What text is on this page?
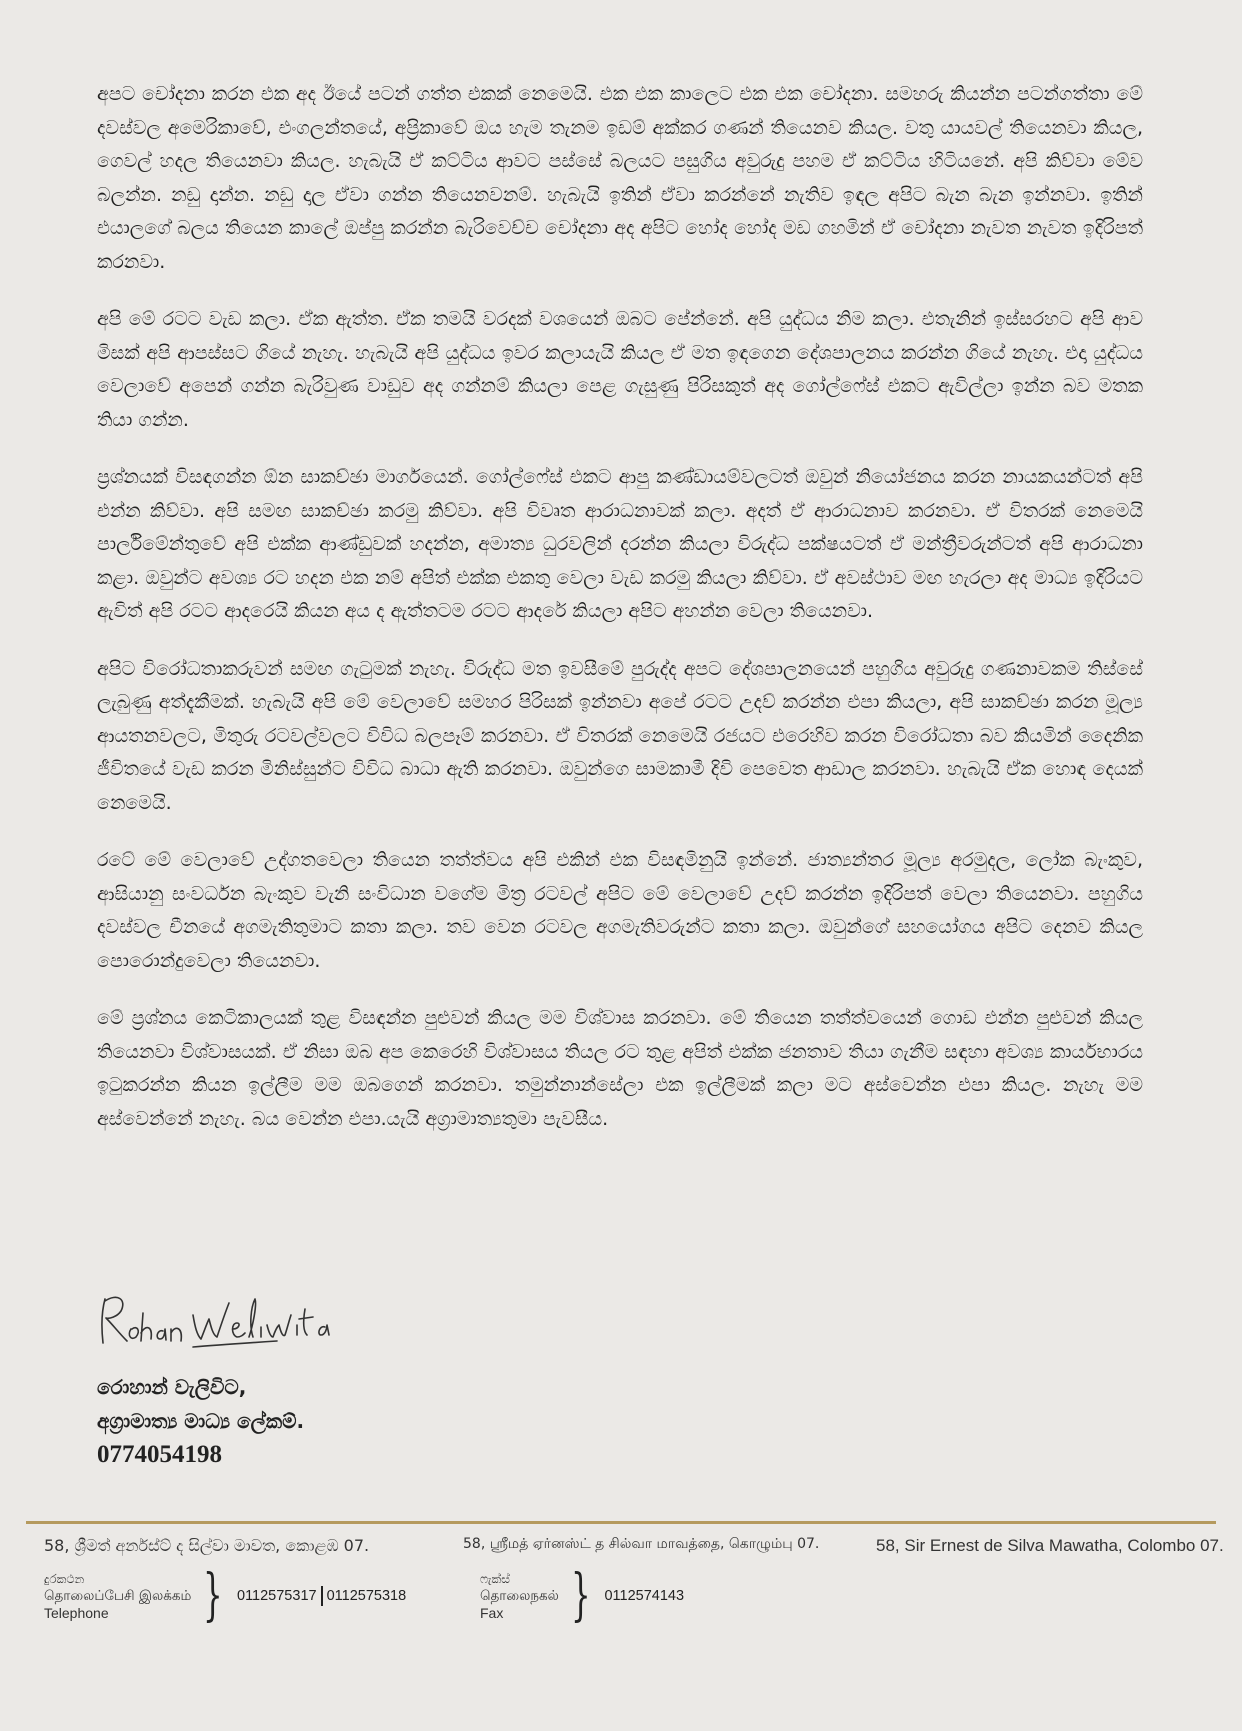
අපට චෝදනා කරන එක අද ඊයේ පටන් ගත්ත එකක් නෙමෙයි. එක එක කාලෙට එක එක චෝදනා. සමහරු කියන්න පටන්ගත්තා මේ දවස්වල අමෙරිකාවේ, එංගලන්තයේ, අප්‍රිකාවේ ඔය හැම තැනම ඉඩම් අක්කර ගණන් තියෙනව කියල. වතු යායවල් තියෙනවා කියල, ගෙවල් හදල තියෙනවා කියල. හැබැයි ඒ කට්ටිය ආවට පස්සේ බලයට පසුගිය අවුරුදු පහම ඒ කට්ටිය හිටියනේ. අපි කිව්වා මේව බලන්න. නඩු දාන්න. නඩු දාල ඒවා ගන්න තියෙනවනම්. හැබැයි ඉතින් ඒවා කරන්නේ නැතිව ඉඳල අපිට බැන බැන ඉන්නවා. ඉතින් එයාලගේ බලය තියෙන කාලේ ඔප්පු කරන්න බැරිවෙච්ච චෝදනා අද අපිට හෝද හෝද මඩ ගහමින් ඒ චෝදනා නැවත නැවත ඉදිරිපත් කරනවා.

අපි මේ රටට වැඩ කලා. ඒක ඇත්ත. ඒක තමයි වරදක් වශයෙන් ඔබට පේන්නේ. අපි යුද්ධය නිම කලා. එතැනින් ඉස්සරහට අපි ආව මිසක් අපි ආපස්සට ගියේ නැහැ. හැබැයි අපි යුද්ධය ඉවර කලායැයි කියල ඒ මත ඉඳගෙන දේශපාලනය කරන්න ගියේ නැහැ. එදා යුද්ධය වෙලාවේ අපෙන් ගන්න බැරිවුණ වාඩුව අද ගන්නම් කියලා පෙළ ගැසුණු පිරිසකුත් අද ගෝල්ෆේස් එකට ඇවිල්ලා ඉන්න බව මතක තියා ගන්න.

ප්‍රශ්නයක් විසඳගන්න ඕන සාකච්ඡා මාර්ගයෙන්. ගෝල්ෆේස් එකට ආපු කණ්ඩායම්වලටත් ඔවුන් නියෝජනය කරන නායකයන්ටත් අපි එන්න කිව්වා. අපි සමඟ සාකච්ඡා කරමු කිව්වා. අපි විවෘත ආරාධනාවක් කලා. අදත් ඒ ආරාධනාව කරනවා. ඒ විතරක් නෙමෙයි පාර්ලිමේන්තුවේ අපි එක්ක ආණ්ඩුවක් හදන්න, අමාත්‍ය ධුරවලින් දරන්න කියලා විරුද්ධ පක්ෂයටත් ඒ මන්ත්‍රීවරුන්ටත් අපි ආරාධනා කළා. ඔවුන්ට අවශ්‍ය රට හදන එක නම් අපිත් එක්ක එකතු වෙලා වැඩ කරමු කියලා කිව්වා. ඒ අවස්ථාව මඟ හැරලා අද මාධ්‍ය ඉදිරියට ඇවිත් අපි රටට ආදරෙයි කියන අය ද ඇත්තටම රටට ආදරේ කියලා අපිට අහන්න වෙලා තියෙනවා.

අපිට විරෝධතාකරුවන් සමඟ ගැටුමක් නැහැ. විරුද්ධ මත ඉවසීමේ පුරුද්ද අපට දේශපාලනයෙන් පහුගිය අවුරුදු ගණනාවකම තිස්සේ ලැබුණු අත්දැකීමක්. හැබැයි අපි මේ වෙලාවේ සමහර පිරිසක් ඉන්නවා අපේ රටට උදව් කරන්න එපා කියලා, අපි සාකච්ඡා කරන මූල්‍ය ආයතනවලට, මිතුරු රටවල්වලට විවිධ බලපෑම් කරනවා. ඒ විතරක් නෙමෙයි රජයට එරෙහිව කරන විරෝධතා බව කියමින් දෛනික ජීවිතයේ වැඩ කරන මිනිස්සුන්ට විවිධ බාධා ඇති කරනවා. ඔවුන්ගෙ සාමකාමී දිවි පෙවෙත ආඩාල කරනවා. හැබැයි ඒක හොඳ දෙයක් නෙමෙයි.

රටේ මේ වෙලාවේ උද්ගතවෙලා තියෙන තත්ත්වය අපි එකින් එක විසඳමිනුයි ඉන්නේ. ජාත්‍යන්තර මූල්‍ය අරමුදල, ලෝක බැංකුව, ආසියානු සංවර්ධන බැංකුව වැනි සංවිධාන වගේම මිත්‍ර රටවල් අපිට මේ වෙලාවේ උදව් කරන්න ඉදිරිපත් වෙලා තියෙනවා. පහුගිය දවස්වල චීනයේ අගමැතිතුමාට කතා කලා. තව වෙන රටවල අගමැතිවරුන්ට කතා කලා. ඔවුන්ගේ සහයෝගය අපිට දෙනව කියල පොරොන්දුවෙලා තියෙනවා.

මේ ප්‍රශ්නය කෙටිකාලයක් තුළ විසඳන්න පුළුවන් කියල මම විශ්වාස කරනවා. මේ තියෙන තත්ත්වයෙන් ගොඩ එන්න පුළුවන් කියල තියෙනවා විශ්වාසයක්. ඒ නිසා ඔබ අප කෙරෙහි විශ්වාසය තියල රට තුළ අපිත් එක්ක ජනතාව තියා ගැනීම සඳහා අවශ්‍ය කාර්යභාරය ඉටුකරන්න කියන ඉල්ලීම මම ඔබගෙන් කරනවා. තමුන්නාන්සේලා එක ඉල්ලීමක් කලා මට අස්වෙන්න එපා කියල. නැහැ මම අස්වෙන්නේ නැහැ. බය වෙන්න එපා.යැයි අග්‍රාමාත්‍යතුමා පැවසීය.

රොහාන් වැලිවිට,

අග්‍රාමාත්‍ය මාධ්‍ය ලේකම්.

0774054198

58, ශ්‍රීමත් අර්නස්ට් ද සිල්වා මාවත, කොළඹ 07.	58, ஸ்ரீமத் ஏர்னஸ்ட் த சில்வா மாவத்தை, கொழும்பு 07.	58, Sir Ernest de Silva Mawatha, Colombo 07.
දුරකථන
தொலைப்பேசி இலக்கம்
Telephone	} 0112575317 0112575318
ෆැක්ස්
தொலைநகல்
Fax	} 0112574143
